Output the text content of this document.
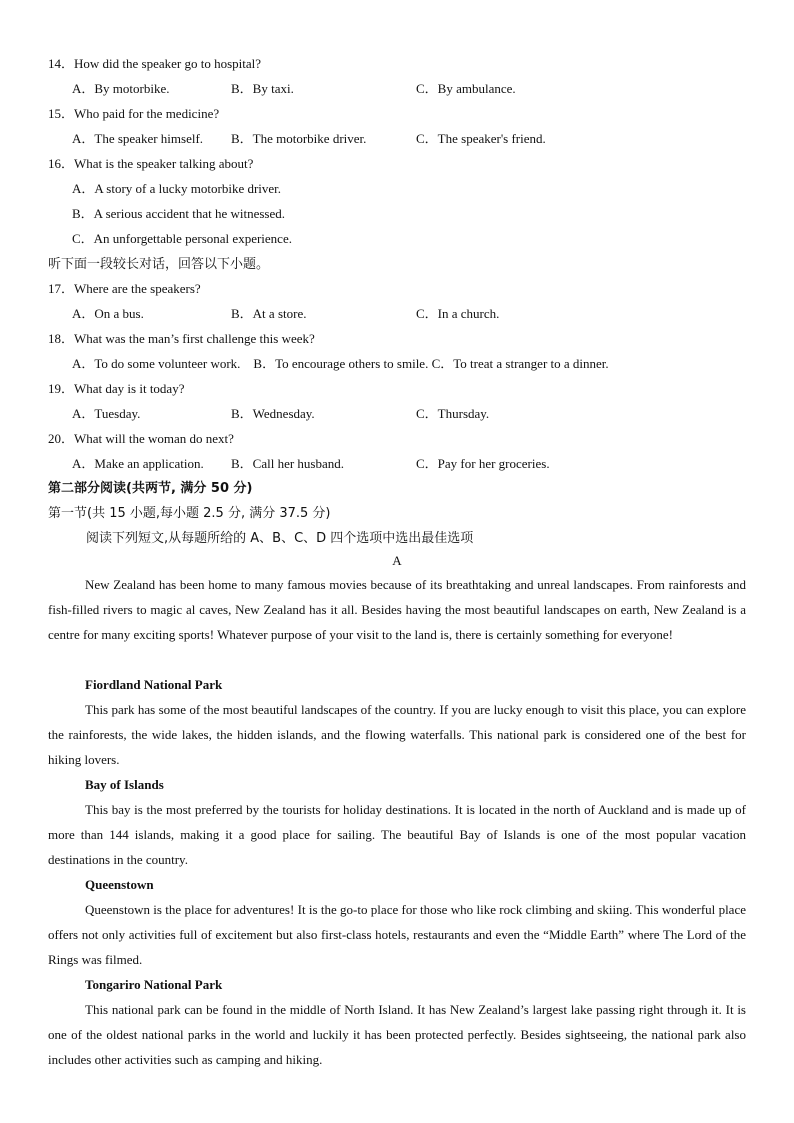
14．How did the speaker go to hospital?
A．By motorbike.	B．By taxi.	C．By ambulance.
15．Who paid for the medicine?
A．The speaker himself. B．The motorbike driver.	C．The speaker's friend.
16．What is the speaker talking about?
A．A story of a lucky motorbike driver.
B．A serious accident that he witnessed.
C．An unforgettable personal experience.
听下面一段较长对话，回答以下小题。
17．Where are the speakers?
A．On a bus.	B．At a store.	C．In a church.
18．What was the man’s first challenge this week?
A．To do some volunteer work.　B．To encourage others to smile. C．To treat a stranger to a dinner.
19．What day is it today?
A．Tuesday.	B．Wednesday.	C．Thursday.
20．What will the woman do next?
A．Make an application. B．Call her husband.	C．Pay for her groceries.
第二部分阅读(共两节, 满分 50 分)
第一节(共 15 小题,每小题 2.5 分, 满分 37.5 分)
阅读下列短文,从每题所给的 A、B、C、D 四个选项中选出最佳选项
A
New Zealand has been home to many famous movies because of its breathtaking and unreal landscapes. From rainforests and fish-filled rivers to magic al caves, New Zealand has it all. Besides having the most beautiful landscapes on earth, New Zealand is a centre for many exciting sports! Whatever purpose of your visit to the land is, there is certainly something for everyone!
Fiordland National Park
This park has some of the most beautiful landscapes of the country. If you are lucky enough to visit this place, you can explore the rainforests, the wide lakes, the hidden islands, and the flowing waterfalls. This national park is considered one of the best for hiking lovers.
Bay of Islands
This bay is the most preferred by the tourists for holiday destinations. It is located in the north of Auckland and is made up of more than 144 islands, making it a good place for sailing. The beautiful Bay of Islands is one of the most popular vacation destinations in the country.
Queenstown
Queenstown is the place for adventures! It is the go-to place for those who like rock climbing and skiing. This wonderful place offers not only activities full of excitement but also first-class hotels, restaurants and even the “Middle Earth” where The Lord of the Rings was filmed.
Tongariro National Park
This national park can be found in the middle of North Island. It has New Zealand’s largest lake passing right through it. It is one of the oldest national parks in the world and luckily it has been protected perfectly. Besides sightseeing, the national park also includes other activities such as camping and hiking.
